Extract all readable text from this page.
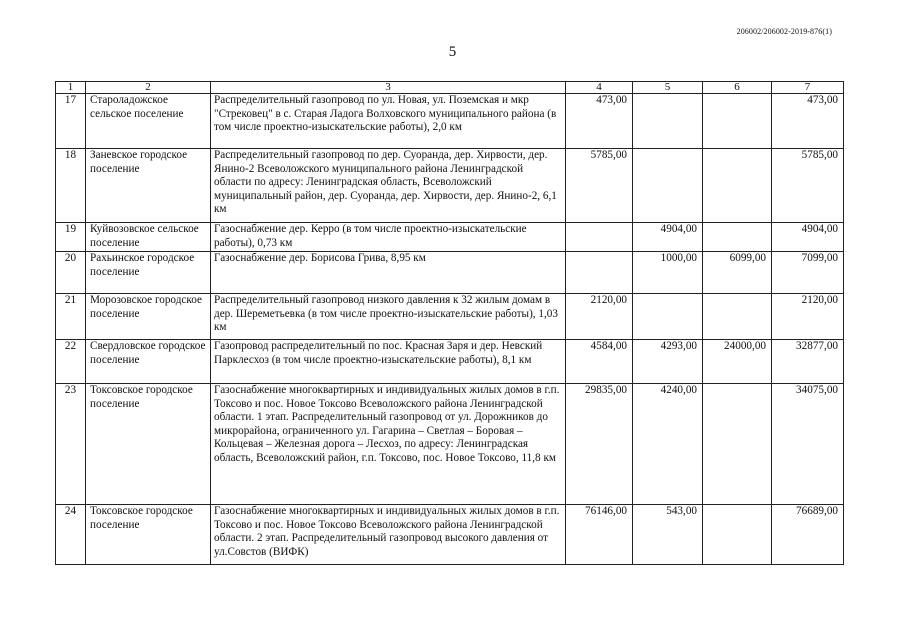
206002/206002-2019-876(1)
5
1	2	3	4	5	6	7
17	Староладожское сельское поселение	Распределительный газопровод по ул. Новая, ул. Поземская и мкр "Стрековец" в с. Старая Ладога Волховского муниципального района (в том числе проектно-изыскательские работы), 2,0 км	473,00			473,00
18	Заневское городское поселение	Распределительный газопровод по дер. Суоранда, дер. Хирвости, дер. Янино-2 Всеволожского муниципального района Ленинградской области по адресу: Ленинградская область, Всеволожский муниципальный район, дер. Суоранда, дер. Хирвости, дер. Янино-2, 6,1 км	5785,00			5785,00
19	Куйвозовское сельское поселение	Газоснабжение дер. Керро (в том числе проектно-изыскательские работы), 0,73 км		4904,00		4904,00
20	Рахьинское городское поселение	Газоснабжение дер. Борисова Грива, 8,95 км		1000,00	6099,00	7099,00
21	Морозовское городское поселение	Распределительный газопровод низкого давления к 32 жилым домам в дер. Шереметьевка (в том числе проектно-изыскательские работы), 1,03 км	2120,00			2120,00
22	Свердловское городское поселение	Газопровод распределительный по пос. Красная Заря и дер. Невский Парклесхоз (в том числе проектно-изыскательские работы), 8,1 км	4584,00	4293,00	24000,00	32877,00
23	Токсовское городское поселение	Газоснабжение многоквартирных и индивидуальных жилых домов в г.п. Токсово и пос. Новое Токсово Всеволожского района Ленинградской области. 1 этап. Распределительный газопровод от ул. Дорожников до микрорайона, ограниченного ул. Гагарина – Светлая – Боровая – Кольцевая – Железная дорога – Лесхоз, по адресу: Ленинградская область, Всеволожский район, г.п. Токсово, пос. Новое Токсово, 11,8 км	29835,00	4240,00		34075,00
24	Токсовское городское поселение	Газоснабжение многоквартирных и индивидуальных жилых домов в г.п. Токсово и пос. Новое Токсово Всеволожского района Ленинградской области. 2 этап. Распределительный газопровод высокого давления от ул.Совстов (ВИФК)	76146,00	543,00		76689,00
